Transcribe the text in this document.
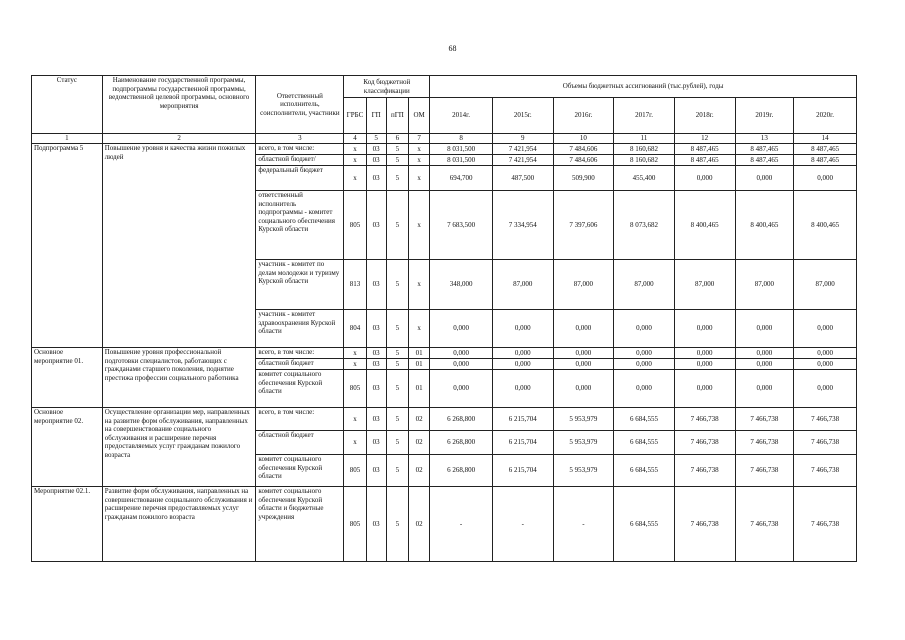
68
Статус	Наименование государственной программы, подпрограммы государственной программы, ведомственной целевой программы, основного мероприятия	Ответственный исполнитель, соисполнители, участники	Код бюджетной классификации				Объемы бюджетных ассигнований (тыс.рублей), годы						
			ГРБС	ГП	пГП	ОМ	2014г.	2015г.	2016г.	2017г.	2018г.	2019г.	2020г.
1	2	3	4	5	6	7	8	9	10	11	12	13	14
Подпрограмма 5	Повышение уровня и качества жизни пожилых людей	всего, в том числе:	x	03	5	x	8 031,500	7 421,954	7 484,606	8 160,682	8 487,465	8 487,465	8 487,465
		областной бюджет/	x	03	5	x	8 031,500	7 421,954	7 484,606	8 160,682	8 487,465	8 487,465	8 487,465
		федеральный бюджет	x	03	5	x	694,700	487,500	509,900	455,400	0,000	0,000	0,000
		ответственный исполнитель подпрограммы - комитет социального обеспечения Курской области	805	03	5	x	7 683,500	7 334,954	7 397,606	8 073,682	8 400,465	8 400,465	8 400,465
		участник - комитет по делам молодежи и туризму Курской области	813	03	5	x	348,000	87,000	87,000	87,000	87,000	87,000	87,000
		участник - комитет здравоохранения Курской области	804	03	5	x	0,000	0,000	0,000	0,000	0,000	0,000	0,000
Основное мероприятие 01.	Повышение уровня профессиональной подготовки специалистов, работающих с гражданами старшего поколения, поднятие престижа профессии социального работника	всего, в том числе:	x	03	5	01	0,000	0,000	0,000	0,000	0,000	0,000	0,000
		областной бюджет	x	03	5	01	0,000	0,000	0,000	0,000	0,000	0,000	0,000
		комитет социального обеспечения Курской области	805	03	5	01	0,000	0,000	0,000	0,000	0,000	0,000	0,000
Основное мероприятие 02.	Осуществление организации мер, направленных на развитие форм обслуживания, направленных на совершенствование социального обслуживания и расширение перечня предоставляемых услуг гражданам пожилого возраста	всего, в том числе:	x	03	5	02	6 268,800	6 215,704	5 953,979	6 684,555	7 466,738	7 466,738	7 466,738
		областной бюджет	x	03	5	02	6 268,800	6 215,704	5 953,979	6 684,555	7 466,738	7 466,738	7 466,738
		комитет социального обеспечения Курской области	805	03	5	02	6 268,800	6 215,704	5 953,979	6 684,555	7 466,738	7 466,738	7 466,738
Мероприятие 02.1.	Развитие форм обслуживания, направленных на совершенствование социального обслуживания и расширение перечня предоставляемых услуг гражданам пожилого возраста	комитет социального обеспечения Курской области и бюджетные учреждения	805	03	5	02	-	-	-	6 684,555	7 466,738	7 466,738	7 466,738
